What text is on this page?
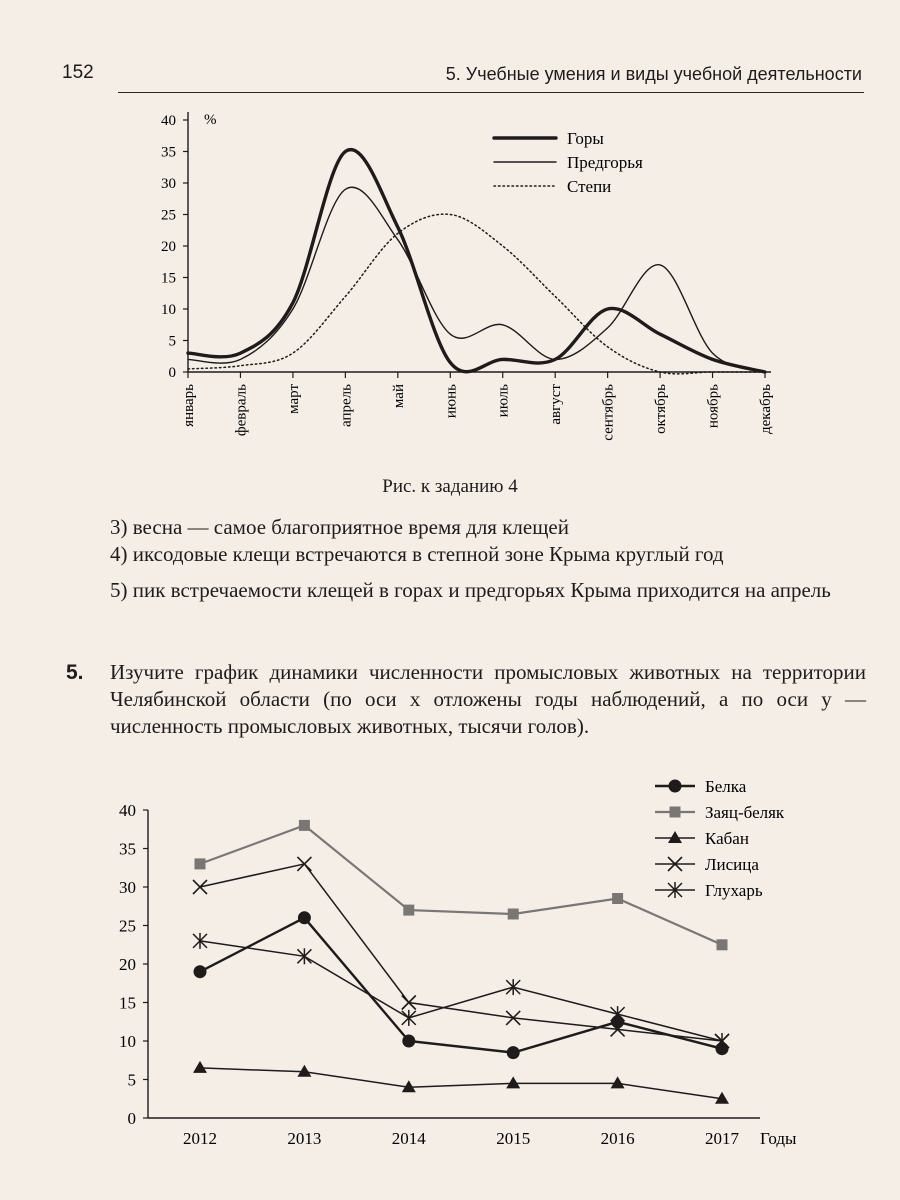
152	5. Учебные умения и виды учебной деятельности
0
5
10
15
20
25
30
35
40 %
январь февраль март апрель май июнь июль август сентябрь октябрь ноябрь декабрь
Горы
Предгорья
Степи
Рис. к заданию 4

3) весна — самое благоприятное время для клещей

4) иксодовые клещи встречаются в степной зоне Крыма круглый год

5) пик встречаемости клещей в горах и предгорьях Крыма приходится на апрель

5. Изучите график динамики численности промысловых животных на территории Челябинской области (по оси x отложены годы наблюдений, а по оси y — численность промысловых животных, тысячи голов).
0
5
10
15
20
25
30
35
40
2012	2013	2014	2015	2016	2017 Годы
Белка
Заяц-беляк
Кабан
Лисица
Глухарь
